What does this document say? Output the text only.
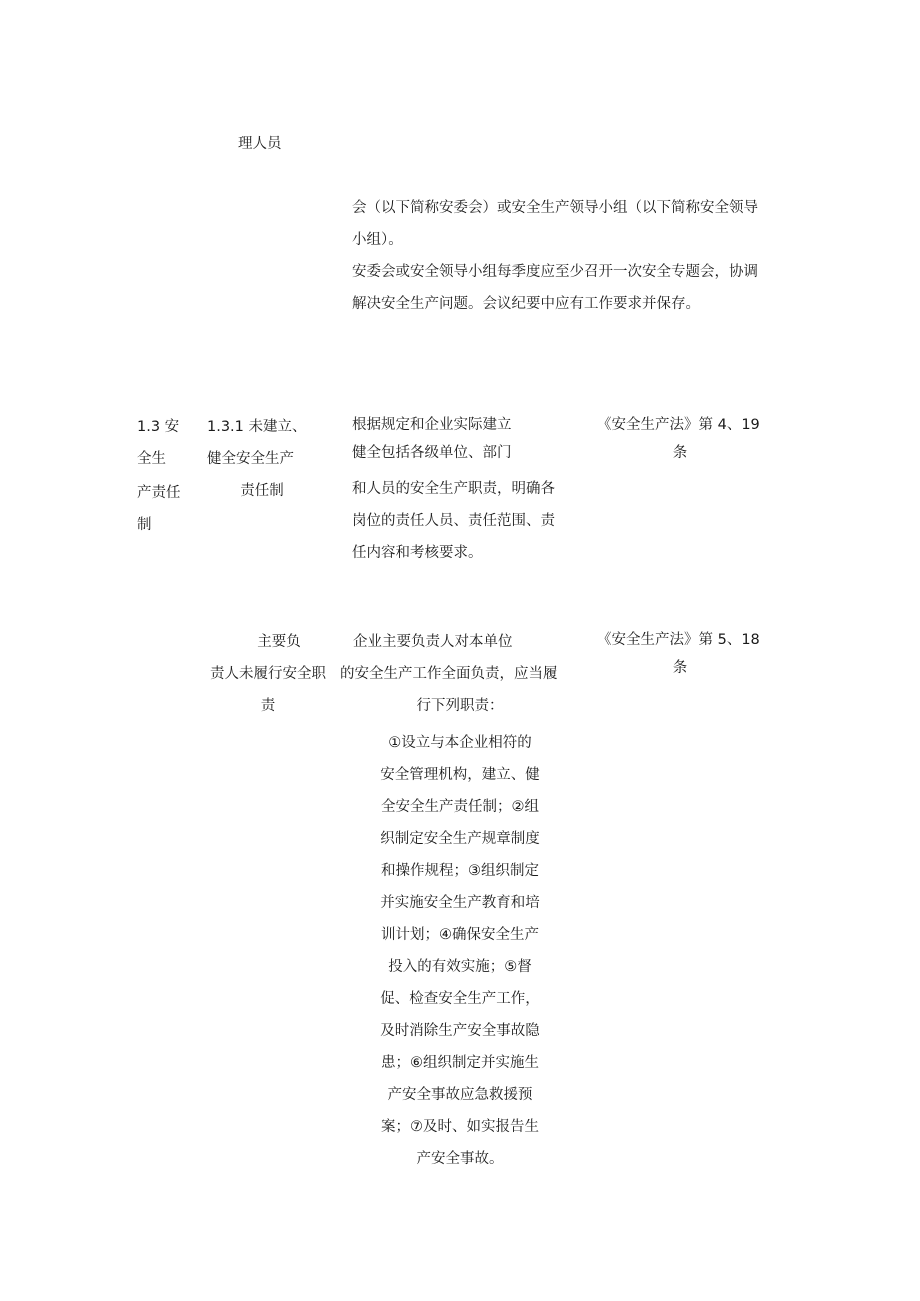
理人员
会（以下简称安委会）或安全生产领导小组（以下简称安全领导
小组）。
安委会或安全领导小组每季度应至少召开一次安全专题会，协调
解决安全生产问题。会议纪要中应有工作要求并保存。
1.3 安
全生
产责任
制
1.3.1 未建立、
健全安全生产
责任制
根据规定和企业实际建立
健全包括各级单位、部门
和人员的安全生产职责，明确各
岗位的责任人员、责任范围、责
任内容和考核要求。
《安全生产法》第 4、19
条
主要负
责人未履行安全职
责
企业主要负责人对本单位
的安全生产工作全面负责，应当履
行下列职责：
①设立与本企业相符的
安全管理机构，建立、健
全安全生产责任制；②组
织制定安全生产规章制度
和操作规程；③组织制定
并实施安全生产教育和培
训计划；④确保安全生产
投入的有效实施；⑤督
促、检查安全生产工作，
及时消除生产安全事故隐
患；⑥组织制定并实施生
产安全事故应急救援预
案；⑦及时、如实报告生
产安全事故。
《安全生产法》第 5、18
条
